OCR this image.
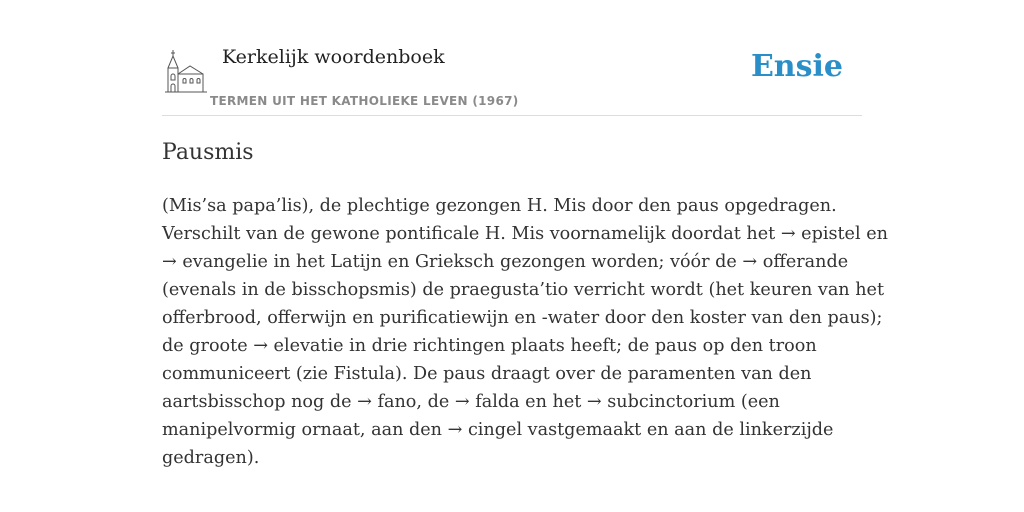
Kerkelijk woordenboek
TERMEN UIT HET KATHOLIEKE LEVEN (1967)
Ensie
Pausmis
(Mis’sa papa’lis), de plechtige gezongen H. Mis door den paus opgedragen.
Verschilt van de gewone pontificale H. Mis voornamelijk doordat het → epistel en
→ evangelie in het Latijn en Grieksch gezongen worden; vóór de → offerande
(evenals in de bisschopsmis) de praegusta’tio verricht wordt (het keuren van het
offerbrood, offerwijn en purificatiewijn en -water door den koster van den paus);
de groote → elevatie in drie richtingen plaats heeft; de paus op den troon
communiceert (zie Fistula). De paus draagt over de paramenten van den
aartsbisschop nog de → fano, de → falda en het → subcinctorium (een
manipelvormig ornaat, aan den → cingel vastgemaakt en aan de linkerzijde
gedragen).
